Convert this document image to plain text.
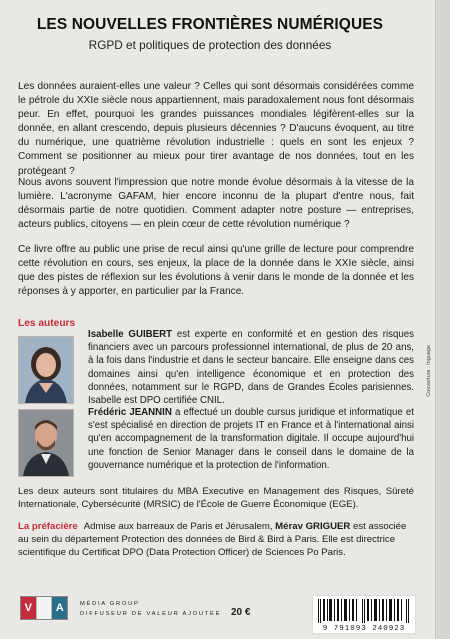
LES NOUVELLES FRONTIÈRES NUMÉRIQUES
RGPD et politiques de protection des données

Les données auraient-elles une valeur ? Celles qui sont désormais considérées comme le pétrole du XXIe siècle nous appartiennent, mais paradoxalement nous font désormais peur. En effet, pourquoi les grandes puissances mondiales légifèrent-elles sur la donnée, en allant crescendo, depuis plusieurs décennies ? D'aucuns évoquent, au titre du numérique, une quatrième révolution industrielle : quels en sont les enjeux ? Comment se positionner au mieux pour tirer avantage de nos données, tout en les protégeant ?

Nous avons souvent l'impression que notre monde évolue désormais à la vitesse de la lumière. L'acronyme GAFAM, hier encore inconnu de la plupart d'entre nous, fait désormais partie de notre quotidien. Comment adapter notre posture — entreprises, acteurs publics, citoyens — en plein cœur de cette révolution numérique ?

Ce livre offre au public une prise de recul ainsi qu'une grille de lecture pour comprendre cette révolution en cours, ses enjeux, la place de la donnée dans le XXIe siècle, ainsi que des pistes de réflexion sur les évolutions à venir dans le monde de la donnée et les réponses à y apporter, en particulier par la France.

Les auteurs

Isabelle GUIBERT est experte en conformité et en gestion des risques financiers avec un parcours professionnel international, de plus de 20 ans, à la fois dans l'industrie et dans le secteur bancaire. Elle enseigne dans ces domaines ainsi qu'en intelligence économique et en protection des données, notamment sur le RGPD, dans de Grandes Écoles parisiennes. Isabelle est DPO certifiée CNIL.

Frédéric JEANNIN a effectué un double cursus juridique et informatique et s'est spécialisé en direction de projets IT en France et à l'international ainsi qu'en accompagnement de la transformation digitale. Il occupe aujourd'hui une fonction de Senior Manager dans le conseil dans le domaine de la gouvernance numérique et la protection de l'information.

Les deux auteurs sont titulaires du MBA Executive en Management des Risques, Sûreté Internationale, Cybersécurité (MRSIC) de l'École de Guerre Économique (EGE).

La préfacière Admise aux barreaux de Paris et Jérusalem, Mérav GRIGUER est associée au sein du département Protection des données de Bird & Bird à Paris. Elle est directrice scientifique du Certificat DPO (Data Protection Officer) de Sciences Po Paris.

Couverture : Inguage
V	A	MÉDIA GROUP
DIFFUSEUR DE VALEUR AJOUTÉE 20 €
9 791093 240923
